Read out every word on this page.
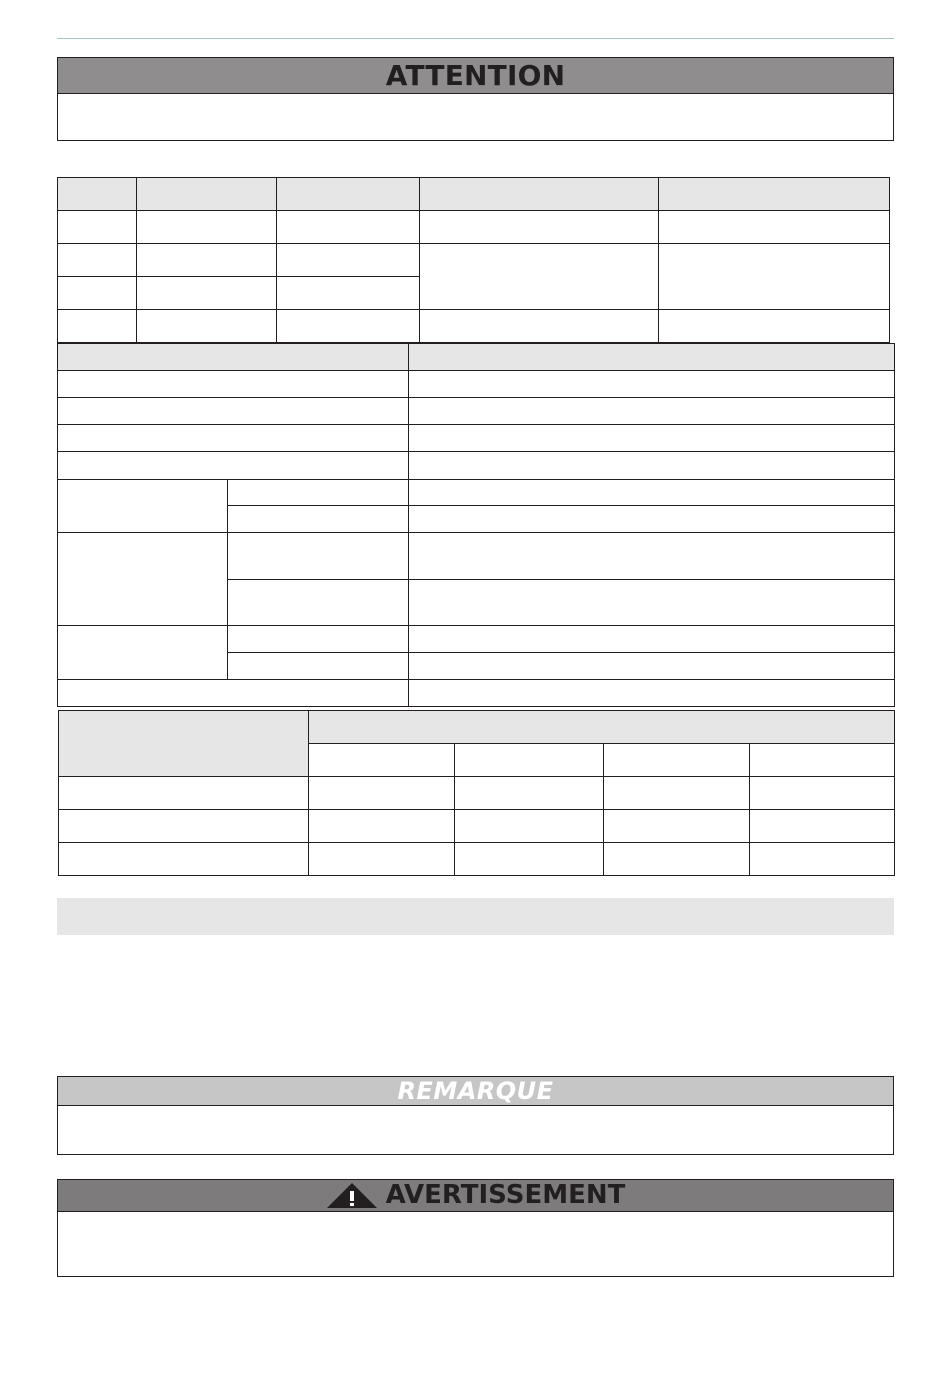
ATTENTION

REMARQUE
AVERTISSEMENT
